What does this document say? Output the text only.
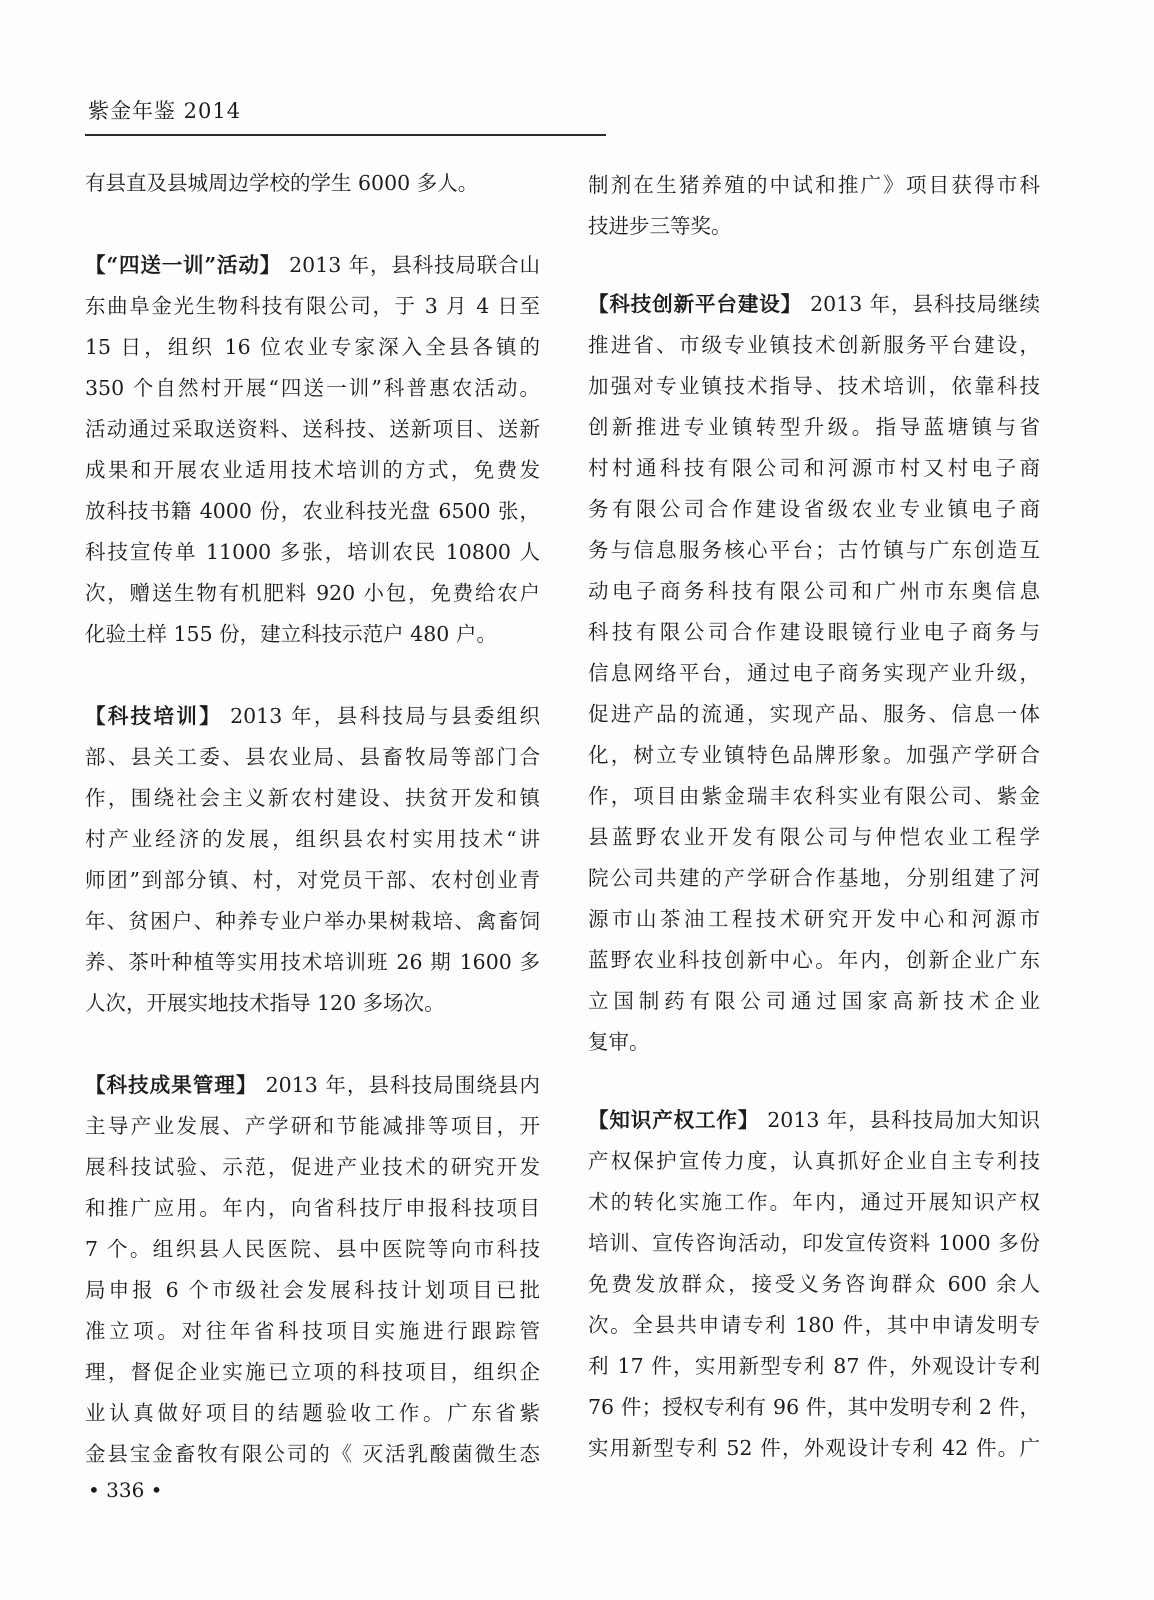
紫金年鉴 2014
有县直及县城周边学校的学生 6000 多人。
【“四送一训”活动】 2013 年，县科技局联合山
东曲阜金光生物科技有限公司，于 3 月 4 日至
15 日，组织 16 位农业专家深入全县各镇的
350 个自然村开展“四送一训”科普惠农活动。
活动通过采取送资料、送科技、送新项目、送新
成果和开展农业适用技术培训的方式，免费发
放科技书籍 4000 份，农业科技光盘 6500 张，
科技宣传单 11000 多张，培训农民 10800 人
次，赠送生物有机肥料 920 小包，免费给农户
化验土样 155 份，建立科技示范户 480 户。
【科技培训】 2013 年，县科技局与县委组织
部、县关工委、县农业局、县畜牧局等部门合
作，围绕社会主义新农村建设、扶贫开发和镇
村产业经济的发展，组织县农村实用技术“讲
师团”到部分镇、村，对党员干部、农村创业青
年、贫困户、种养专业户举办果树栽培、禽畜饲
养、茶叶种植等实用技术培训班 26 期 1600 多
人次，开展实地技术指导 120 多场次。
【科技成果管理】 2013 年，县科技局围绕县内
主导产业发展、产学研和节能减排等项目，开
展科技试验、示范，促进产业技术的研究开发
和推广应用。年内，向省科技厅申报科技项目
7 个。组织县人民医院、县中医院等向市科技
局申报 6 个市级社会发展科技计划项目已批
准立项。对往年省科技项目实施进行跟踪管
理，督促企业实施已立项的科技项目，组织企
业认真做好项目的结题验收工作。广东省紫
金县宝金畜牧有限公司的《 灭活乳酸菌微生态
制剂在生猪养殖的中试和推广》项目获得市科
技进步三等奖。
【科技创新平台建设】 2013 年，县科技局继续
推进省、市级专业镇技术创新服务平台建设，
加强对专业镇技术指导、技术培训，依靠科技
创新推进专业镇转型升级。指导蓝塘镇与省
村村通科技有限公司和河源市村又村电子商
务有限公司合作建设省级农业专业镇电子商
务与信息服务核心平台；古竹镇与广东创造互
动电子商务科技有限公司和广州市东奥信息
科技有限公司合作建设眼镜行业电子商务与
信息网络平台，通过电子商务实现产业升级，
促进产品的流通，实现产品、服务、信息一体
化，树立专业镇特色品牌形象。加强产学研合
作，项目由紫金瑞丰农科实业有限公司、紫金
县蓝野农业开发有限公司与仲恺农业工程学
院公司共建的产学研合作基地，分别组建了河
源市山茶油工程技术研究开发中心和河源市
蓝野农业科技创新中心。年内，创新企业广东
立国制药有限公司通过国家高新技术企业
复审。
【知识产权工作】 2013 年，县科技局加大知识
产权保护宣传力度，认真抓好企业自主专利技
术的转化实施工作。年内，通过开展知识产权
培训、宣传咨询活动，印发宣传资料 1000 多份
免费发放群众，接受义务咨询群众 600 余人
次。全县共申请专利 180 件，其中申请发明专
利 17 件，实用新型专利 87 件，外观设计专利
76 件；授权专利有 96 件，其中发明专利 2 件，
实用新型专利 52 件，外观设计专利 42 件。广
• 336 •
